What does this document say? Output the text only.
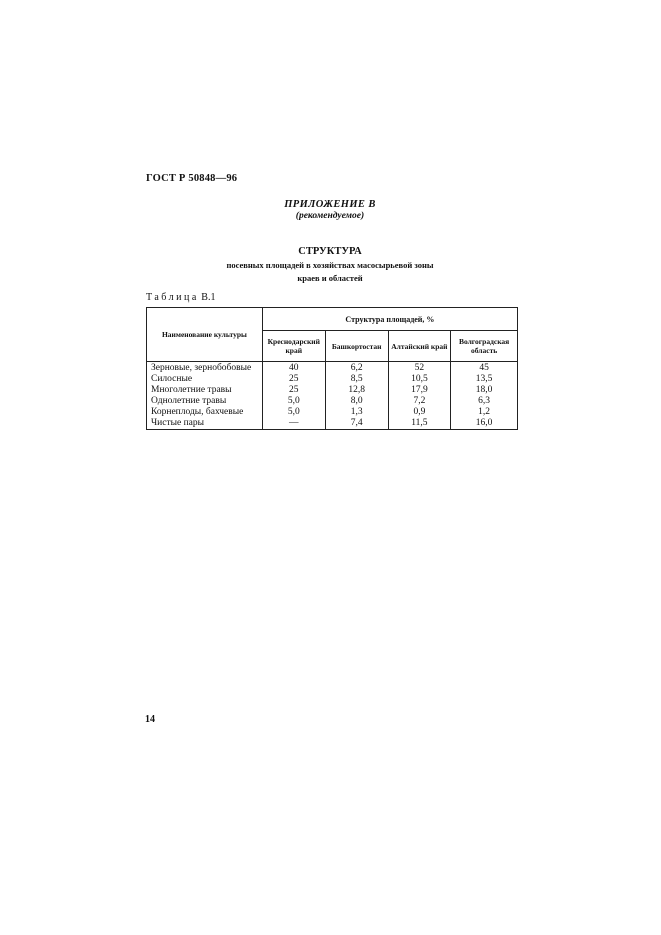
ГОСТ Р 50848—96
ПРИЛОЖЕНИЕ В
(рекомендуемое)
СТРУКТУРА
посевных площадей в хозяйствах масосырьевой зоны
краев и областей
Таблица В.1
Наименование культуры	Структура площадей, %			
	Кpeснoдарский край	Башкортостан	Алтайский край	Волгоградская область
Зерновые, зернобобовые	40	6,2	52	45
Силосные	25	8,5	10,5	13,5
Многолетние травы	25	12,8	17,9	18,0
Однолетние травы	5,0	8,0	7,2	6,3
Корнеплоды, бахчевые	5,0	1,3	0,9	1,2
Чистые пары	—	7,4	11,5	16,0
14
